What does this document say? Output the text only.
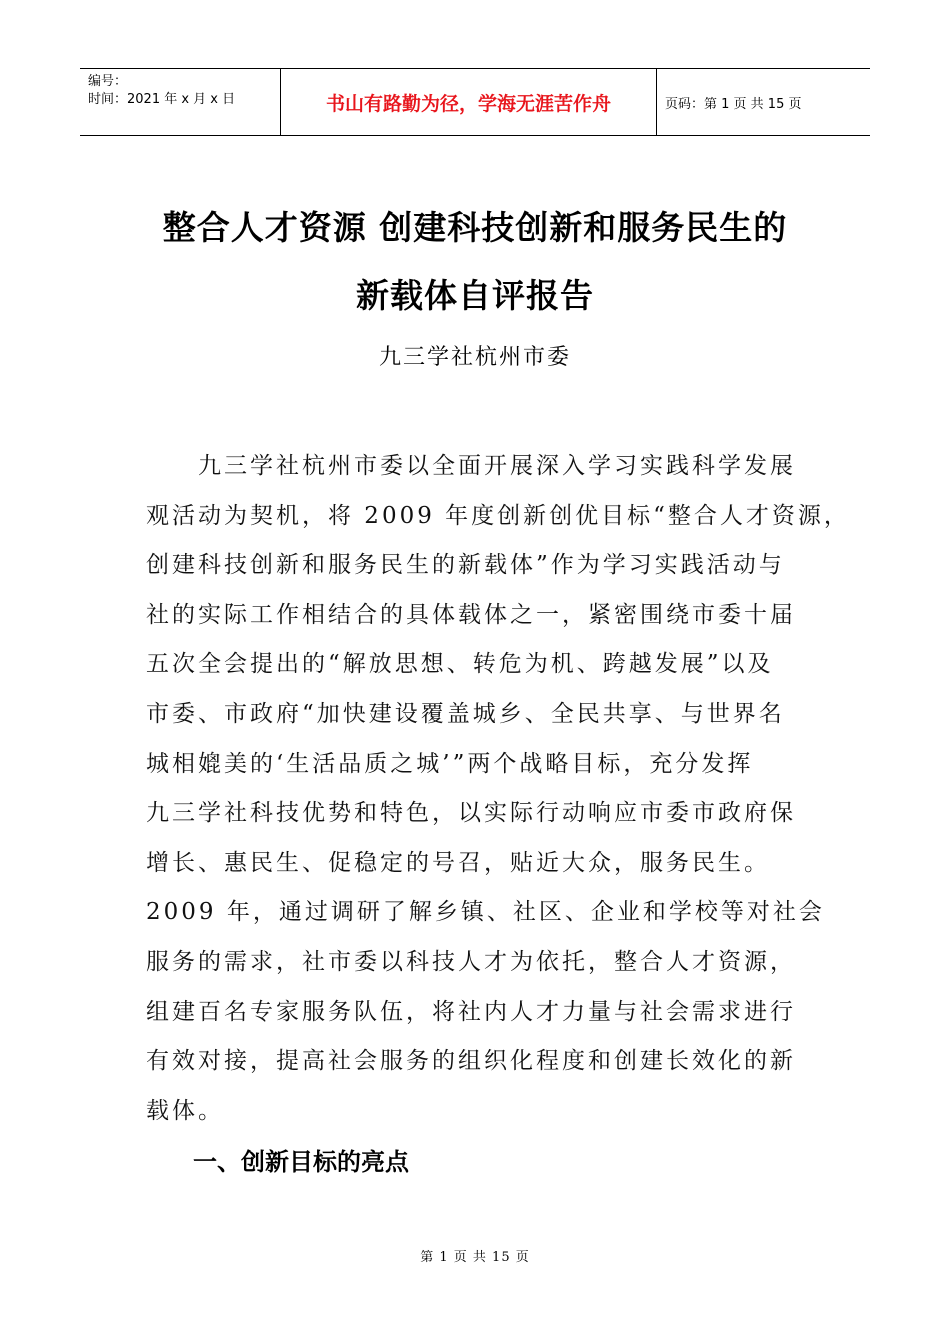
编号：
时间：2021 年 x 月 x 日	书山有路勤为径，学海无涯苦作舟	页码：第 1 页 共 15 页
整合人才资源 创建科技创新和服务民生的
新载体自评报告
九三学社杭州市委
　　九三学社杭州市委以全面开展深入学习实践科学发展
观活动为契机，将 2009 年度创新创优目标“整合人才资源，
创建科技创新和服务民生的新载体”作为学习实践活动与
社的实际工作相结合的具体载体之一，紧密围绕市委十届
五次全会提出的“解放思想、转危为机、跨越发展”以及
市委、市政府“加快建设覆盖城乡、全民共享、与世界名
城相媲美的‘生活品质之城’”两个战略目标，充分发挥
九三学社科技优势和特色，以实际行动响应市委市政府保
增长、惠民生、促稳定的号召，贴近大众，服务民生。
2009 年，通过调研了解乡镇、社区、企业和学校等对社会
服务的需求，社市委以科技人才为依托，整合人才资源，
组建百名专家服务队伍，将社内人才力量与社会需求进行
有效对接，提高社会服务的组织化程度和创建长效化的新
载体。
一、创新目标的亮点
第 1 页 共 15 页
